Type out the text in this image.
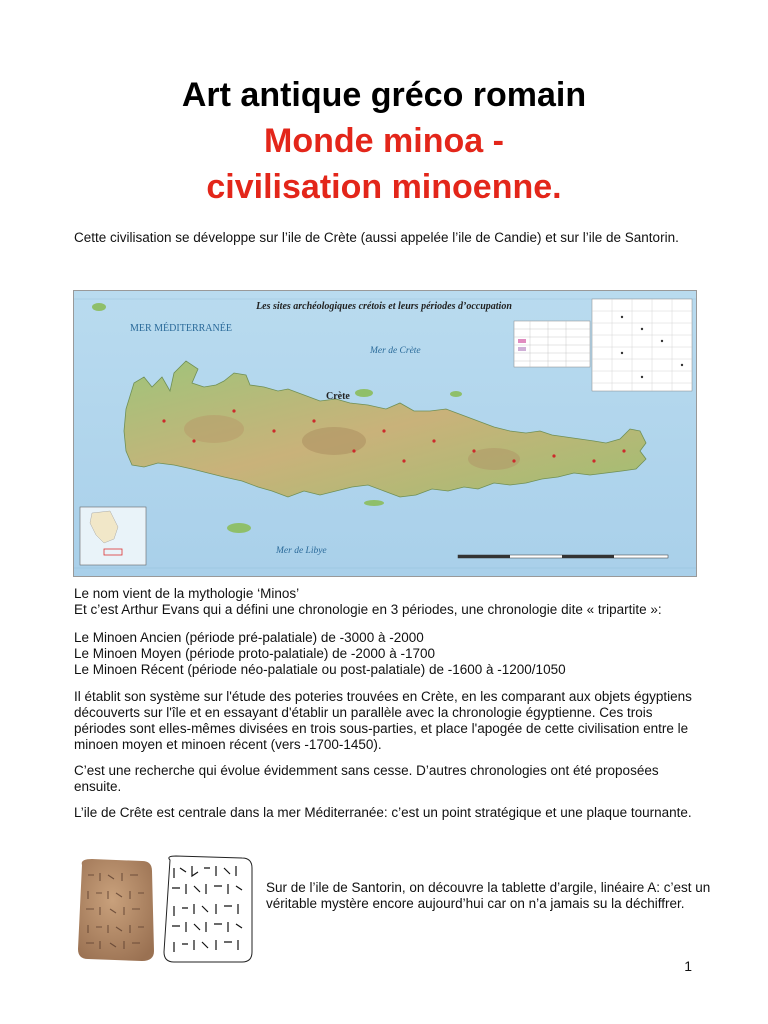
Art antique gréco romain

Monde minoa -

civilisation minoenne.

Cette civilisation se développe sur l’ile de Crète (aussi appelée l’ile de Candie) et sur l’ile de Santorin.

Les sites archéologiques crétois et leurs périodes d’occupation
MER MÉDITERRANÉE
Mer de Crète
Mer de Libye
Crète

Le nom vient de la mythologie ‘Minos’

Et c’est Arthur Evans qui a défini une chronologie en 3 périodes, une chronologie dite « tripartite »:

Le Minoen Ancien (période pré-palatiale) de -3000 à -2000

Le Minoen Moyen (période proto-palatiale) de -2000 à -1700

Le Minoen Récent (période néo-palatiale ou post-palatiale) de -1600 à -1200/1050

Il établit son système sur l'étude des poteries trouvées en Crète, en les comparant aux objets égyptiens découverts sur l'île et en essayant d'établir un parallèle avec la chronologie égyptienne. Ces trois périodes sont elles-mêmes divisées en trois sous-parties, et place l'apogée de cette civilisation entre le minoen moyen et minoen récent (vers -1700-1450).

C’est une recherche qui évolue évidemment sans cesse. D’autres chronologies ont été proposées ensuite.

L’ile de Crête est centrale dans la mer Méditerranée: c’est un point stratégique et une plaque tournante.

Sur de l’ile de Santorin, on découvre la tablette d’argile, linéaire A: c’est un véritable mystère encore aujourd’hui car on n’a jamais su la déchiffrer.

1
